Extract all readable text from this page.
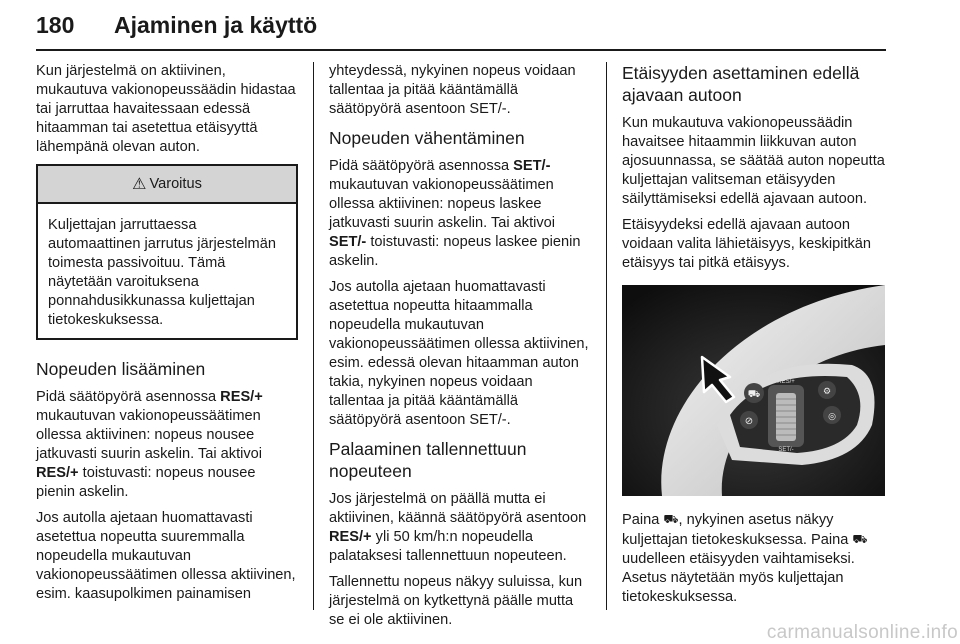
180 Ajaminen ja käyttö

Kun järjestelmä on aktiivinen, mukautuva vakionopeussäädin hidastaa tai jarruttaa havaitessaan edessä hitaamman tai asetettua etäisyyttä lähempänä olevan auton.

⚠ Varoitus
Kuljettajan jarruttaessa automaattinen jarrutus järjestelmän toimesta passivoituu. Tämä näytetään varoituksena ponnahdusikkunassa kuljettajan tietokeskuksessa.
Nopeuden lisääminen

Pidä säätöpyörä asennossa RES/+ mukautuvan vakionopeussäätimen ollessa aktiivinen: nopeus nousee jatkuvasti suurin askelin. Tai aktivoi RES/+ toistuvasti: nopeus nousee pienin askelin.

Jos autolla ajetaan huomattavasti asetettua nopeutta suuremmalla nopeudella mukautuvan vakionopeussäätimen ollessa aktiivinen, esim. kaasupolkimen painamisen

yhteydessä, nykyinen nopeus voidaan tallentaa ja pitää kääntämällä säätöpyörä asentoon SET/-.

Nopeuden vähentäminen

Pidä säätöpyörä asennossa SET/- mukautuvan vakionopeussäätimen ollessa aktiivinen: nopeus laskee jatkuvasti suurin askelin. Tai aktivoi SET/- toistuvasti: nopeus laskee pienin askelin.

Jos autolla ajetaan huomattavasti asetettua nopeutta hitaammalla nopeudella mukautuvan vakionopeussäätimen ollessa aktiivinen, esim. edessä olevan hitaamman auton takia, nykyinen nopeus voidaan tallentaa ja pitää kääntämällä säätöpyörä asentoon SET/-.

Palaaminen tallennettuun nopeuteen

Jos järjestelmä on päällä mutta ei aktiivinen, käännä säätöpyörä asentoon RES/+ yli 50 km/h:n nopeudella palataksesi tallennettuun nopeuteen.

Tallennettu nopeus näkyy suluissa, kun järjestelmä on kytkettynä päälle mutta se ei ole aktiivinen.

Etäisyyden asettaminen edellä ajavaan autoon

Kun mukautuva vakionopeussäädin havaitsee hitaammin liikkuvan auton ajosuunnassa, se säätää auton nopeutta kuljettajan valitseman etäisyyden säilyttämiseksi edellä ajavaan autoon.

Etäisyydeksi edellä ajavaan autoon voidaan valita lähietäisyys, keskipitkän etäisyys tai pitkä etäisyys.

RES/+
SET/-
⛟
⊘
⚙
◎

Paina ⛟, nykyinen asetus näkyy kuljettajan tietokeskuksessa. Paina ⛟ uudelleen etäisyyden vaihtamiseksi. Asetus näytetään myös kuljettajan tietokeskuksessa.

carmanualsonline.info
